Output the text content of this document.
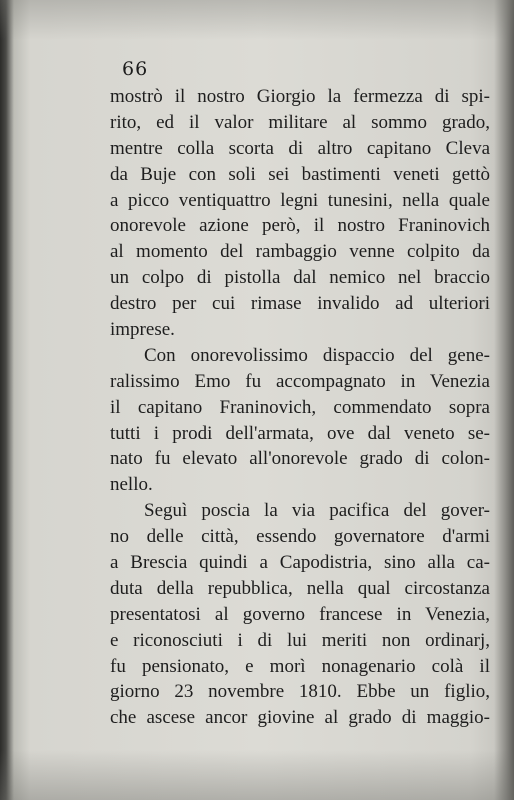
66
mostrò il nostro Giorgio la fermezza di spi-
rito, ed il valor militare al sommo grado,
mentre colla scorta di altro capitano Cleva
da Buje con soli sei bastimenti veneti gettò
a picco ventiquattro legni tunesini, nella quale
onorevole azione però, il nostro Franinovich
al momento del rambaggio venne colpito da
un colpo di pistolla dal nemico nel braccio
destro per cui rimase invalido ad ulteriori
imprese.
Con onorevolissimo dispaccio del gene-
ralissimo Emo fu accompagnato in Venezia
il capitano Franinovich, commendato sopra
tutti i prodi dell'armata, ove dal veneto se-
nato fu elevato all'onorevole grado di colon-
nello.
Seguì poscia la via pacifica del gover-
no delle città, essendo governatore d'armi
a Brescia quindi a Capodistria, sino alla ca-
duta della repubblica, nella qual circostanza
presentatosi al governo francese in Venezia,
e riconosciuti i di lui meriti non ordinarj,
fu pensionato, e morì nonagenario colà il
giorno 23 novembre 1810. Ebbe un figlio,
che ascese ancor giovine al grado di maggio-
